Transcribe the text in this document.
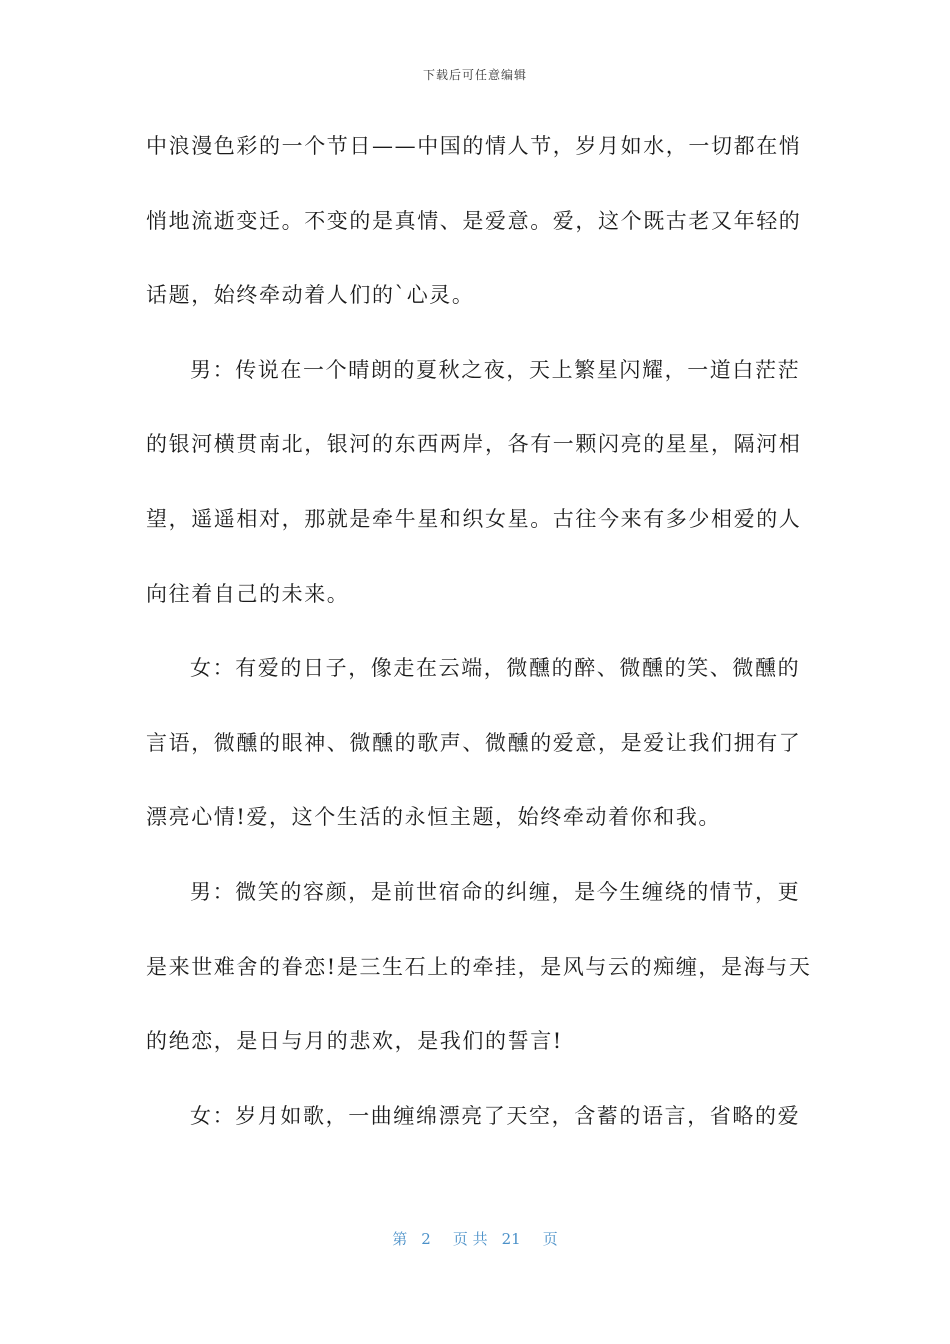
下载后可任意编辑
中浪漫色彩的一个节日——中国的情人节，岁月如水，一切都在悄
悄地流逝变迁。不变的是真情、是爱意。爱，这个既古老又年轻的
话题，始终牵动着人们的`心灵。
男：传说在一个晴朗的夏秋之夜，天上繁星闪耀，一道白茫茫
的银河横贯南北，银河的东西两岸，各有一颗闪亮的星星，隔河相
望，遥遥相对，那就是牵牛星和织女星。古往今来有多少相爱的人
向往着自己的未来。
女：有爱的日子，像走在云端，微醺的醉、微醺的笑、微醺的
言语，微醺的眼神、微醺的歌声、微醺的爱意，是爱让我们拥有了
漂亮心情!爱，这个生活的永恒主题，始终牵动着你和我。
男：微笑的容颜，是前世宿命的纠缠，是今生缠绕的情节，更
是来世难舍的眷恋!是三生石上的牵挂，是风与云的痴缠，是海与天
的绝恋，是日与月的悲欢，是我们的誓言!
女：岁月如歌，一曲缠绵漂亮了天空，含蓄的语言，省略的爱
第 2 页 共 21 页
